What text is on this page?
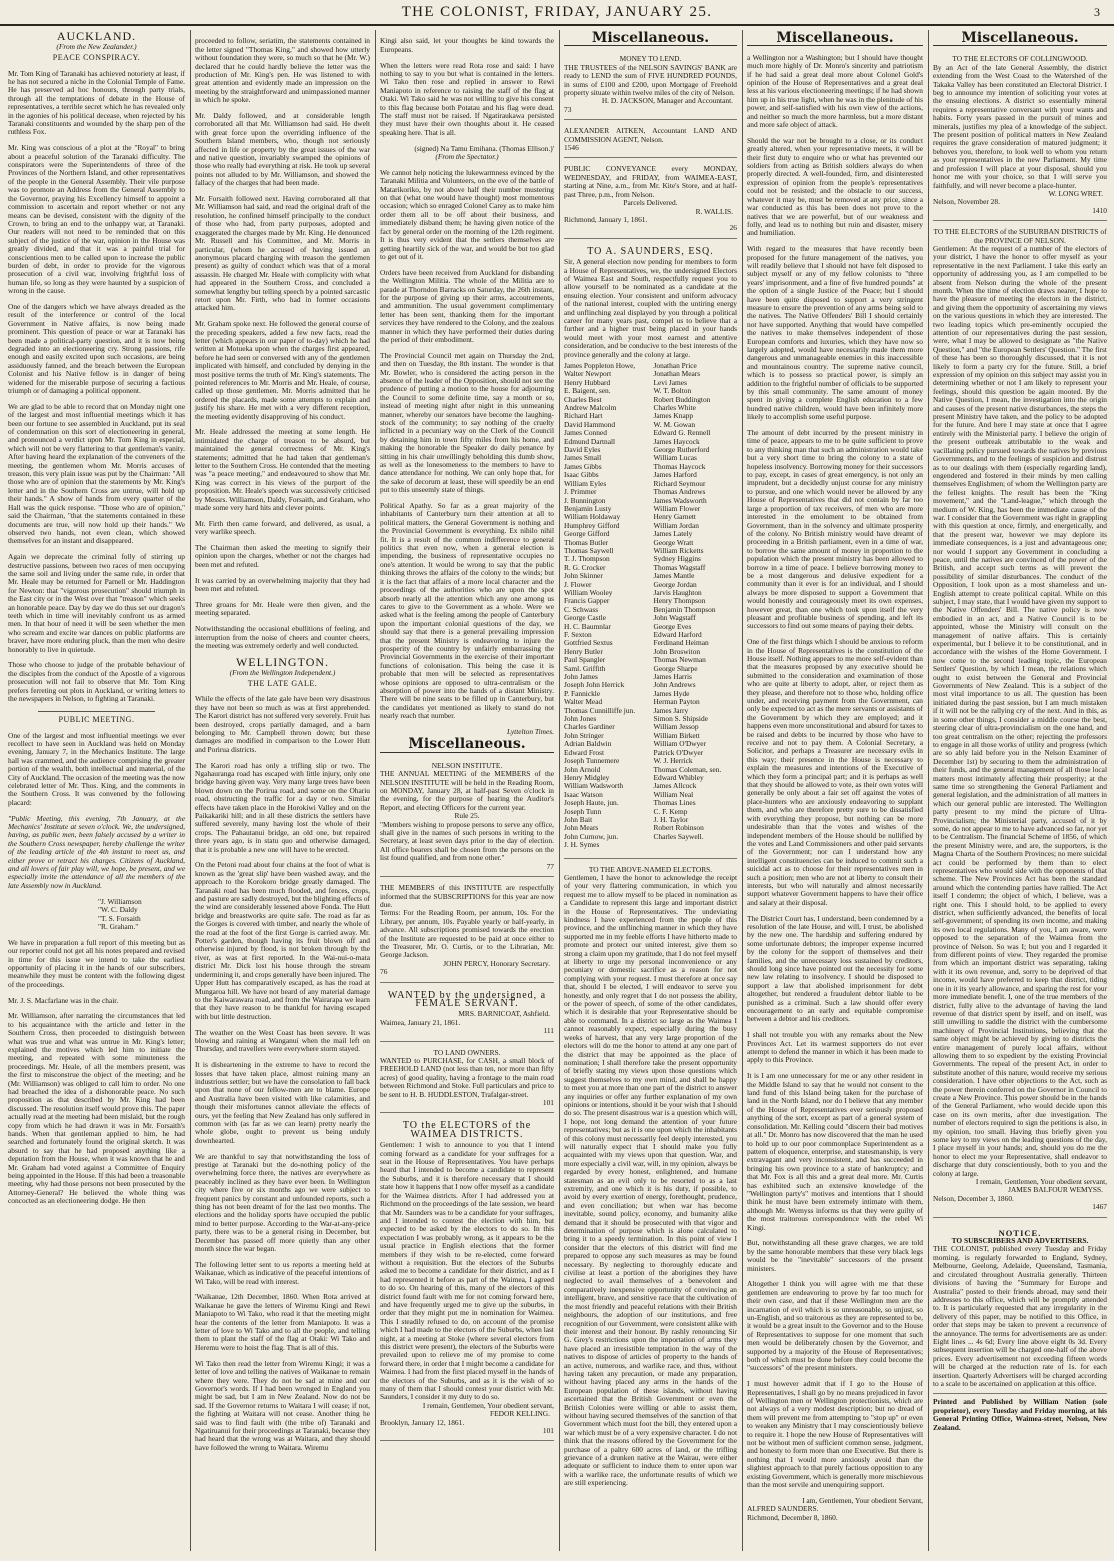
THE COLONIST, FRIDAY, JANUARY 25.	3
AUCKLAND.
(From the New Zealander.)
PEACE CONSPIRACY.

Mr. Tom King of Taranaki has achieved notoriety at least, if he has not secured a niche in the Colonial Temple of Fame. He has preserved ad hoc honours, through party trials, through all the temptations of debate in the House of representatives, a terrible secret which he has revealed only in the agonies of his political decease, when rejected by his Taranaki constituents and wounded by the sharp pen of the ruthless Fox.

Mr. King was conscious of a plot at the "Royal" to bring about a peaceful solution of the Taranaki difficulty. The conspirators were the Superintendents of three of the Provinces of the Northern Island, and other representatives of the people in the General Assembly. Their vile purpose was to promote an Address from the General Assembly to the Governor, praying his Excellency himself to appoint a commission to ascertain and report whether or not any means can be devised, consistent with the dignity of the Crown, to bring an end to the unhappy war, at Taranaki. Our readers will not need to be reminded that on this subject of the justice of the war, opinion in the House was greatly divided, and that it was a painful trial for conscientious men to be called upon to increase the public burden of debt, in order to provide for the vigorous prosecution of a civil war, involving frightful loss of human life, so long as they were haunted by a suspicion of wrong in the cause.

One of the dangers which we have always dreaded as the result of the interference or control of the local Government in Native affairs, is now being made prominent. This question of peace or war at Taranaki has been made a political-party question, and it is now being degraded into an electioneering cry. Strong passions, rife enough and easily excited upon such occasions, are being assiduously fanned, and the breach between the European Colonist and his Native fellow is in danger of being widened for the miserable purpose of securing a factious triumph or of damaging a political opponent.

We are glad to be able to record that on Monday night one of the largest and most influential meetings which it has been our fortune to see assembled in Auckland, put its seal of condemnation on this sort of electioneering in general, and pronounced a verdict upon Mr. Tom King in especial, which will not be very flattering to that gentleman's vanity. After having heard the explanation of the conveners of the meeting, the gentlemen whom Mr. Morris accuses of treason, this very plain issue was put by the Chairman: "All those who are of opinion that the statements by Mr. King's letter and in the Southern Cross are untrue, will hold up their hands." A show of hands from every quarter of the Hall was the quick response. "Those who are of opinion," said the Chairman, "that the statements contained in these documents are true, will now hold up their hands." We observed two hands, not even clean, which showed themselves for an instant and disappeared.

Again we deprecate the criminal folly of stirring up destructive passions, between two races of men occupying the same soil and living under the same rule, in order that Mr. Heale may be returned for Parnell or Mr. Haddington for Newton: that "vigorous prosecution" should triumph in the East city or in the West over that "treason" which seeks an honorable peace. Day by day we do thus set our dragon's teeth which in time will inevitably confront us as armed men. In that hour of need it will be seen whether the men who scream and excite war dances on public platforms are braver, have more enduring pluck, than the men who desire honorably to live in quietude.

Those who choose to judge of the probable behaviour of the disciples from the conduct of the Apostle of a vigorous prosecution will not fail to observe that Mr. Tom King prefers ferreting out plots in Auckland, or writing letters to the newspapers in Nelson, to fighting at Taranaki.

PUBLIC MEETING.

One of the largest and most influential meetings we ever recollect to have seen in Auckland was held on Monday evening, January 7, in the Mechanics Institute. The large hall was crammed, and the audience comprising the greater portion of the wealth, both intellectual and material, of the City of Auckland. The occasion of the meeting was the now celebrated letter of Mr. Thos. King, and the comments in the Southern Cross. It was convened by the following placard:

"Public Meeting, this evening, 7th January, at the Mechanics' Institute at seven o'clock. We, the undersigned, having, as public men, been falsely accused by a writer in the Southern Cross newspaper, hereby challenge the writer of the leading article of the 4th instant to meet us, and either prove or retract his charges. Citizens of Auckland, and all lovers of fair play will, we hope, be present, and we especially invite the attendance of all the members of the late Assembly now in Auckland.

"J. Williamson
"W. C. Daldy
"T. S. Forsaith
"R. Graham."

We have in preparation a full report of this meeting but as our reporter could not get all his notes prepared and revised in time for this issue we intend to take the earliest opportunity of placing it in the hands of our subscribers, meanwhile they must be content with the following digest of the proceedings.

Mr. J. S. Macfarlane was in the chair.

Mr. Williamson, after narrating the circumstances that led to his acquaintance with the article and letter in the Southern Cross, then proceeded to distinguish between what was true and what was untrue in Mr. King's letter; explained the motives which led him to initiate the meeting, and repeated with some minuteness the proceedings. Mr. Heale, of all the members present, was the first to misconstrue the object of the meeting; and he (Mr. Williamson) was obliged to call him to order. No one had breached the idea of a dishonorable peace. No such proposition as that described by Mr. King had been discussed. The resolution itself would prove this. The paper actually read at the meeting had been mislaid, but the rough copy from which he had drawn it was in Mr. Forsaith's hands. When that gentleman applied to him, he had searched and fortunately found the original sketch. It was absurd to say that he had proposed anything like a deputation from the House, when it was known that he and Mr. Graham had voted against a Committee of Enquiry being appointed in the House. If this had been a treasonable meeting, why had those persons not been prosecuted by the Attorney-General? He believed the whole thing was concocted as an electioneering dodge. He then

proceeded to follow, seriatim, the statements contained in the letter signed "Thomas King," and showed how utterly without foundation they were, so much so that he (Mr. W.) declared that he could hardly believe the letter was the production of Mr. King's pen. He was listened to with great attention and evidently made an impression on the meeting by the straightforward and unimpassioned manner in which he spoke.

Mr. Daldy followed, and at considerable length corroborated all that Mr. Williamson had said. He dwelt with great force upon the overriding influence of the Southern Island members, who, though not seriously affected in life or property by the great issues of the war and native question, invariably swamped the opinions of those who really had everything at risk. He took up several points not alluded to by Mr. Williamson, and showed the fallacy of the charges that had been made.

Mr. Forsaith followed next. Having corroborated all that Mr. Williamson had said, and read the original draft of the resolution, he confined himself principally to the conduct of those who had, from party purposes, adopted and exaggerated the charges made by Mr. King. He denounced Mr. Russell and his Committee, and Mr. Morris in particular, (whom he accused of having issued an anonymous placard charging with treason the gentlemen present) as guilty of conduct which was that of a moral assassin. He charged Mr. Heale with complicity with what had appeared in the Southern Cross, and concluded a somewhat lengthy but telling speech by a pointed sarcastic retort upon Mr. Firth, who had in former occasions attacked him.

Mr. Graham spoke next. He followed the general course of the preceding speakers, added a few new facts, read the letter (which appears in our paper of to-day) which he had written at Motueka upon when the charges first appeared, before he had seen or conversed with any of the gentlemen implicated with himself, and concluded by denying in the most positive terms the truth of Mr. King's statements. The pointed references to Mr. Morris and Mr. Heale, of course, called up those gentlemen. Mr. Morris admitted that he ordered the placards, made some attempts to explain and justify his share. He met with a very different reception, the meeting evidently disapproving of his conduct.

Mr. Heale addressed the meeting at some length. He intimidated the charge of treason to be absurd, but maintained the general correctness of Mr. King's statements; admitted that he had taken that gentleman's letter to the Southern Cross. He contended that the meeting was "a peace meeting," and endeavoured to show that Mr. King was correct in his views of the purport of the proposition. Mr. Heale's speech was successively criticised by Messrs. Williamson, Daldy, Forsaith, and Graham, who made some very hard hits and clever points.

Mr. Firth then came forward, and delivered, as usual, a very warlike speech.

The Chairman then asked the meeting to signify their opinion upon the charges, whether or not the charges had been met and refuted.

It was carried by an overwhelming majority that they had been met and refuted.

Three groans for Mr. Heale were then given, and the meeting separated.

Notwithstanding the occasional ebullitions of feeling, and interruption from the noise of cheers and counter cheers, the meeting was extremely orderly and well conducted.

WELLINGTON.
(From the Wellington Independent.)
THE LATE GALE.

While the effects of the late gale have been very disastrous they have not been so much as was at first apprehended. The Karori district has not suffered very severely. Fruit has been destroyed, crops partially damaged, and a barn belonging to Mr. Campbell thrown down; but these damages are modified in comparison to the Lower Hutt and Porirua districts.

The Karori road has only a trifling slip or two. The Ngahauranga road has escaped with little injury, only one bridge having given way. Very many large trees have been blown down on the Porirua road, and some on the Ohariu road, obstructing the traffic for a day or two. Similar effects have taken place in the Horokiwi Valley and on the Paikakariki hill; and in all these districts the settlers have suffered severely, many having lost the whole of their crops. The Pahautanui bridge, an old one, but repaired three years ago, is in statu quo and otherwise damaged, that it is probable a new one will have to be erected.

On the Petoni road about four chains at the foot of what is known as the 'great slip' have been washed away, and the approach to the Korokoro bridge greatly damaged. The Taranaki road has been much flooded, and fences, crops, and pasture are sadly destroyed, but the blighting effects of the wind are considerably lessened above Fonda. The Hutt bridge and breastworks are quite safe. The road as far as the Gorges is covered with timber, and nearly the whole of the road at the foot of the first Gorge is carried away. Mr. Potter's garden, though having its fruit blown off and otherwise injured by flood, is not broken through by the river, as was at first reported. In the Wai-nui-o-mata district Mr. Dick lost his house through the stream undermining it, and crops generally have been injured. The Upper Hutt has comparatively escaped, as has the road at Mungaroa hill. We have not heard of any material damage to the Kaiwarawara road, and from the Wairarapa we learn that they have reason to be thankful for having escaped with but little destruction.

The weather on the West Coast has been severe. It was blowing and raining at Wanganui when the mail left on Thursday, and travellers were everywhere storm stayed.

It is disheartening in the extreme to have to record the losses that have taken place, almost ruining many an industrious settler; but we have the consolation to fall back upon that none of our fellow-men are to blame. Europe and Australia have been visited with like calamities, and though their misfortunes cannot alleviate the effects of ours, yet the feeling that New Zealand has only suffered in common with (as far as we can learn) pretty nearly the whole globe, ought to prevent us being unduly downhearted.

We are thankful to say that notwithstanding the loss of prestige at Taranaki but the do-nothing policy of the overwhelming force there, the natives are everywhere as peaceably inclined as they have ever been. In Wellington city where five or six months ago we were subject to frequent panics by constant and unfounded reports, such a thing has not been dreamt of for the last two months. The elections and the holiday sports have occupied the public mind to better purpose. According to the War-at-any-price party, there was to be a general rising in December, but December has passed off more quietly than any other month since the war began.

The following letter sent to us reports a meeting held at Waikanae, which as indicative of the peaceful intentions of Wi Tako, will be read with interest.

'Waikanae, 12th December, 1860. When Rota arrived at Waikanae he gave the letters of Wiremu Kingi and Rewi Maniapoto to Wi Tako, who read it that the meeting might hear the contents of the letter from Maniapoto. It was a letter of love to Wi Tako and to all the people, and telling them to plant the staff of the flag at Otaki: Wi Tako and Heremu were to hoist the flag. That is all of this.

Wi Tako then read the letter from Wiremu Kingi; it was a letter of love and telling the natives of Waikanae to remain where they were. They do not be sad at mine and our Governor's words. If I had been wronged in England you might be sad, but I am in New Zealand. Now do not be sad. If the Governor returns to Waitara I will cease; if not, the fighting at Waitara will not cease. Another thing he said was to find fault with (the tribe of) Taranaki and Ngatiruanui for their proceedings at Taranaki, because they had heard that the wrong was at Waitara, and they should have followed the wrong to Waitara. Wiremu

Kingi also said, let your thoughts be kind towards the Europeans.

When the letters were read Rota rose and said: I have nothing to say to you but what is contained in the letters. Wi Tako then rose and replied in answer to Rewi Maniapoto in reference to raising the staff of the flag at Otaki. Wi Tako said he was not willing to give his consent to this flag because both Potatau and his flag were dead. The staff must not be raised. If Ngatiraukawa persisted they must have their own thoughts about it. He ceased speaking here. That is all.

(signed) Na Tamu Emihana. (Thomas Ellison.)'
(From the Spectator.)

We cannot help noticing the lukewarmness evinced by the Taranaki Militia and Volunteers, on the eve of the battle of Matarikoriko, by not above half their number mustering on that (what one would have thought) most momentous occasion; which so enraged Colonel Carey as to make him order them all to be off about their business, and immediately disband them; he having given notice of the fact by general order on the morning of the 12th regiment. It is thus very evident that the settlers themselves are getting heartily sick of the war, and would be but too glad to get out of it.

Orders have been received from Auckland for disbanding the Wellington Militia. The whole of the Militia are to parade at Thorndon Barracks on Saturday, the 26th instant, for the purpose of giving up their arms, accoutrements, and ammunition. The usual government complimentary letter has been sent, thanking them for the important services they have rendered to the Colony, and the zealous manner in which they have performed their duties during the period of their embodiment.

The Provincial Council met again on Thursday the 2nd, and then on Tuesday, the 8th instant. The wonder is that Mr. Bowler, who is considered the acting person in the absence of the leader of the Opposition, should not see the prudence of putting a motion to the house for adjourning the Council to some definite time, say a month or so, instead of meeting night after night in this unmeaning manner, whereby our senators have become the laughing-stock of the community; to say nothing of the cruelty inflicted in a pecuniary way on the Clerk of the Council by detaining him in town fifty miles from his home, and making the honorable the Speaker do daily penance by sitting in his chair unwillingly beholding this dumb show, as well as the lonesomeness to the members to have to dance attendance for nothing. We can only hope that, for the sake of decorum at least, these will speedily be an end put to this unseemly state of things.

Political Apathy. So far as a great majority of the inhabitants of Canterbury turn their attention at all to political matters, the General Government is nothing and the Provincial Government is everything. Ex nihilo nihil fit. It is a result of the common indifference to general politics that even now, when a general election is impending, the business of representative occupies no one's attention. It would be wrong to say that the public thinking throws the affairs of the colony to the winds; but it is the fact that affairs of a more local character and the proceedings of the authorities who are upon the spot absorb nearly all the attention which any one among us cares to give to the Government as a whole. Were we asked what is the feeling among the people of Canterbury upon the important colonial questions of the day, we should say that there is a general prevailing impression that the present Ministry is endeavoring to injure the prosperity of the country by unfairly embarrassing the Provincial Governments in the exercise of their important functions of colonisation. This being the case it is probable that men will be selected as representatives whose opinions are opposed to ultra-centralism or the absorption of power into the hands of a distant Ministry. There will be nine seats to be filled up in Canterbury, but the candidates yet mentioned as likely to stand do not nearly reach that number.

Lyttelton Times.
Miscellaneous.
NELSON INSTITUTE.
THE ANNUAL MEETING of the MEMBERS of the NELSON INSTITUTE will be held in the Reading Room, on MONDAY, January 28, at half-past Seven o'clock in the evening, for the purpose of hearing the Auditor's Report, and electing Officers for the current year.
Rule 25.
"Members wishing to propose persons to serve any office, shall give in the names of such persons in writing to the Secretary, at least seven days prior to the day of election. All office bearers shall be chosen from the persons on the list found qualified, and from none other."
77
THE MEMBERS of this INSTITUTE are respectfully informed that the SUBSCRIPTIONS for this year are now due.
Terms: For the Reading Room, per annum, 10s. For the Library, per annum, 10s. Payable yearly or half-yearly, in advance. All subscriptions promised towards the erection of the Institute are requested to be paid at once either to the Treasurer, Mr. O. Curtis, or to the Librarian, Mr. George Jackson.
JOHN PERCY, Honorary Secretary.
76
WANTED by the undersigned, a FEMALE SERVANT.
MRS. BARNICOAT, Ashfield.
Waimea, January 21, 1861.
111
TO LAND OWNERS.
WANTED to PURCHASE, for CASH, a small block of FREEHOLD LAND (not less than ten, nor more than fifty acres) of good quality, having a frontage to the main road between Richmond and Stoke. Full particulars and price to be sent to H. B. HUDDLESTON, Trafalgar-street.
101
TO the ELECTORS of the WAIMEA DISTRICTS.
Gentlemen: I wish to announce to you that I intend coming forward as a candidate for your suffrages for a seat in the House of Representatives. You have perhaps heard that I intended to become a candidate to represent the Suburbs, and it is therefore necessary that I should state how it happens that I now offer myself as a candidate for the Waimea districts. After I had addressed you at Richmond on the proceedings of the late session, we heard that Mr. Saunders was to be a candidate for your suffrages, and I intended to contest the election with him, but expected to be asked by the electors to do so. In this expectation I was probably wrong, as it appears to be the usual practice in English elections that the former members if they wish to be re-elected, come forward without a requisition. But the electors of the Suburbs asked me to become a candidate for their district, and as I had represented it before as part of the Waimea, I agreed to do so. On hearing of this, many of the electors of this district found fault with me for not coming forward here, and have frequently urged me to give up the suburbs, in order that they might put me in nomination for Waimea. This I steadily refused to do, on account of the promise which I had made to the electors of the Suburbs, when last night, at a meeting at Stoke (where several electors from this district were present), the electors of the Suburbs were prevailed upon to relieve me of my promise to come forward there, in order that I might become a candidate for Waimea. I had from the first placed myself in the hands of the electors of the Suburbs, and as it is the wish of so many of them that I should contest your district with Mr. Saunders, I consider it my duty to do so.
I remain, Gentlemen, Your obedient servant,
FEDOR KELLING.
Brooklyn, January 12, 1861.
101
Miscellaneous.
MONEY TO LEND.
THE TRUSTEES of the NELSON SAVINGS' BANK are ready to LEND the sum of FIVE HUNDRED POUNDS, in sums of £100 and £200, upon Mortgage of Freehold property situate within twelve miles of the city of Nelson.
H. D. JACKSON, Manager and Accountant.
73
ALEXANDER AITKEN, Accountant LAND AND COMMISSION AGENT, Nelson.
1546
PUBLIC CONVEYANCE every MONDAY, WEDNESDAY, and FRIDAY, from WAIMEA-EAST, starting at Nine, a.m., from Mr. Kite's Store, and at half-past Three, p.m., from Nelson.
Parcels Delivered.
R. WALLIS.
Richmond, January 1, 1861.
26
TO A. SAUNDERS, ESQ.
Sir, A general election now pending for members to form a House of Representatives, we, the undersigned Electors of Waimea East and South, respectfully request you to allow yourself to be nominated as a candidate at the ensuing election. Your consistent and uniform advocacy of the national interest, coupled with the untiring energy and unflinching zeal displayed by you through a political career for many years past, compel us to believe that a further and a higher trust being placed in your hands would meet with your most earnest and attentive consideration, and be conducive to the best interests of the province generally and the colony at large.
James Poppleton Howe,
Walter Newport
Henry Hubbard
E. Baigent, sen.
Charles Best
Andrew Malcolm
Richard Hart
David Hammond
James Conned
Edmund Dartnall
David Eyles
James Small
James Gibbs
Isaac Gibbs
William Eyles
J. Primmer
J. Bunnington
Benjamin Lusty
William Holdaway
Humphrey Gifford
George Gifford
Thomas Butler
Thomas Saywell
T. J. Thompson
R. G. Crocker
John Skinner
J. Flower
William Wooley
Francis Gapper
C. Schwass
George Castle
H. C. Baumnlar
F. Sexton
Gottfried Sextus
Henry Butler
Paul Spangler
Saml. Griffith
John James
Joseph John Herrick
P. Fannickle
Walter Mead
Thomas Cunnilliffe jun.
John Jones
Charles Gardiner
John Stringer
Adrian Baldwin
Edward Frost
Joseph Tunnemere
John Arnold
Henry Midgley
William Wadsworth
Isaac Watson
Joseph Haute, jun.
Joseph Tunn
John Bait
John Mears
John Curnow, jun.
J. H. Symes
Jonathan Price
Jonathan Mears
Levi James
W. T. Bolton
Robert Buddington
Charles White
James Knapp
W. M. Gowan
Edward G. Rennell
James Haycock
George Rutherford
William Lucas
Thomas Haycock
James Harford
Richard Seymour
Thomas Andrews
James Wadsworth
William Flower
Henry Garnett
William Jordan
James Lately
George Wratt
William Ricketts
Sydney Higgins
Thomas Wagstaff
James Mantle
George Jordan
Jarvis Haughton
Henry Thompson
Benjamin Thompson
John Wagstaff
George Eves
Edward Harford
Ferdinand Heiman
John Broswiton
Thomas Newman
George Sharpe
James Harris
John Andrews
James Hyde
Herman Payton
James Jarry
Simon S. Shipside
William Jessop
William Birkett
William O'Dwyer
Patrick O'Dwyer
W. J. Herrick
Thomas Coleman, sen.
Edward Whibley
James Allcock
William Neal
Thomas Lines
C. F. Kemp
J. H. Taylor
Robert Robinson
Charles Saywell.
TO THE ABOVE-NAMED ELECTORS.
Gentlemen, I have the honor to acknowledge the receipt of your very flattering communication, in which you request me to allow myself to be placed in nomination as a Candidate to represent this large and important district in the House of Representatives. The undeviating kindness I have experienced from the people of this province, and the unflinching manner in which they have supported me in my feeble efforts I have hitherto made to promote and protect our united interest, give them so strong a claim upon my gratitude, that I do not feel myself at liberty to urge my personal inconvenience or any pecuniary or domestic sacrifice as a reason for not complying with your request. I must therefore at once say that, should I be elected, I will endeavor to serve you honestly, and only regret that I do not possess the ability, or the power of speech, of some of the other candidates, which it is desirable that your Representative should be able to command. In a district so large as the Waimea I cannot reasonably expect, especially during the busy weeks of harvest, that any very large proportion of the electors will do me the honor to attend at any one part of the district that may be appointed as the place of nomination; I shall therefore take the present opportunity of briefly stating my views upon those questions which suggest themselves to my own mind, and shall be happy to meet you at more than one part of the district to answer any inquiries or offer any further explanation of my own opinions or intentions, should it be your wish that I should do so. The present disastrous war is a question which will, I hope, not long demand the attention of your future representatives; but as it is one upon which the inhabitants of this colony must necessarily feel deeply interested, you will naturally expect that I should make you fully acquainted with my views upon that question. War, and more especially a civil war, will, in my opinion, always be regarded by every honest, enlightened, and humane statesman as an evil only to be resorted to as a last extremity, and one which it is his duty, if possible, to avoid by every exertion of energy, forethought, prudence, and even conciliation; but when war has become inevitable, sound policy, economy, and humanity alike demand that it should be prosecuted with that vigor and determination of purpose which is alone calculated to bring it to a speedy termination. In this point of view I consider that the electors of this district will find me prepared to oppose any such measures as may be found necessary. By neglecting to thoroughly educate and civilise at least a portion of the aborigines they have neglected to avail themselves of a benevolent and comparatively inexpensive opportunity of convincing an intelligent, brave, and sensitive race that the cultivation of the most friendly and peaceful relations with their British neighbours, the adoption of our institutions, and free recognition of our Government, were consistent alike with their interest and their honour. By rashly renouncing Sir G. Grey's restrictions upon the importation of arms they have placed an irresistible temptation in the way of the natives to dispose of articles of property to the hands of an active, numerous, and warlike race, and thus, without having taken any precaution, or made any preparation, without having placed any arms in the hands of the European population of these islands, without having ascertained that the British Government or even the British Colonies were willing or able to assist them, without having secured themselves of the sanction of that Government which must foot the bill, they entered upon a war which must be of a very expensive character. I do not think that the reasons offered by the Government for the purchase of a paltry 600 acres of land, or the trifling grievance of a drunken native at the Wairau, were either adequate or sufficient to induce them to enter upon war with a warlike race, the unfortunate results of which we are still experiencing.
Miscellaneous.

a Wellington nor a Washington; but I should have thought much more highly of Dr. Monro's sincerity and patriotism if he had said a great deal more about Colonel Gold's opinion of the House of Representatives and a great deal less at his various electioneering meetings; if he had shown him up in his true light, when he was in the plenitude of his power, and self-satisfied with his own view of the actions, and neither so much the more harmless, but a more distant and more safe object of attack.

Should the war not be brought to a close, or its conduct greatly altered, when your representative meets, it will be their first duty to enquire who or what has prevented our soldiers from acting as British soldiers always do when properly directed. A well-founded, firm, and disinterested expression of opinion from the people's representatives could not be resisted; and the obstacle to our success, whatever it may be, must be removed at any price, since a war conducted as this has been does not prove to the natives that we are powerful, but of our weakness and folly, and lead us to nothing but ruin and disaster, misery and humiliation.

With regard to the measures that have recently been proposed for the future management of the natives, you will readily believe that I should not have felt disposed to subject myself or any of my fellow colonists to "three years' imprisonment, and a fine of five hundred pounds" at the option of a single Justice of the Peace; but I should have been quite disposed to support a very stringent measure to ensure the prevention of any arms being sold to the natives. The Native Offenders' Bill I should certainly not have supported. Anything that would have compelled the natives to make themselves independent of those European comforts and luxuries, which they have now so largely adopted, would have necessarily made them more dangerous and unmanageable enemies in this inaccessible and mountainous country. The supreme native council, which is to possess so practical power, is simply an addition to the frightful number of officials to be supported by this small community. The same amount of money spent in giving a complete English education to a few hundred native children, would have been infinitely more likely to accomplish some useful purpose.

The amount of debt incurred by the present ministry in time of peace, appears to me to be quite sufficient to prove to any thinking man that such an administration would take but a very short time to bring the colony to a state of hopeless insolvency. Borrowing money for their successors to pay, except, in cases of great emergency, is not only an imprudent, but a decidedly unjust course for any ministry to pursue, and one which would never be allowed by any House of Representatives that did not contain by far too large a proportion of tax receivers, of men who are more interested in the emolument to be obtained from Government, than in the solvency and ultimate prosperity of the colony. No British ministry would have dreamt of proceeding in a British parliament, even in a time of war, to borrow the same amount of money in proportion to the population which the present ministry has been allowed to borrow in a time of peace. I believe borrowing money to be a most dangerous and delusive expedient for a community than it ever is for an individual, and I should always be more disposed to support a Government that would honestly and courageously meet its own expenses, however great, than one which took upon itself the very pleasant and profitable business of spending, and left its successors to find out some means of paying their debts.

One of the first things which I should be anxious to reform in the House of Representatives is the constitution of the House itself. Nothing appears to me more self-evident than that the measures proposed by any executive should be submitted to the consideration and examination of those who are quite at liberty to adopt, alter, or reject them as they please, and therefore not to those who, holding office under, and receiving payment from the Government, can only be expected to act as the mere servants or assistants of the Government by which they are employed; and it happens even more unconstitutional and absurd for taxes to be raised and debts to be incurred by those who have to receive and not to pay them. A Colonial Secretary, a Solicitor, and perhaps a Treasurer are necessary evils in this way; their presence in the House is necessary to explain the measures and intentions of the Executive of which they form a principal part; and it is perhaps as well that they should be allowed to vote, as their own votes will generally be only about a fair set off against the votes of place-hunters who are anxiously endeavoring to supplant them, and who are therefore pretty sure to be dissatisfied with everything they propose, but nothing can be more undesirable than that the votes and wishes of the independent members of the House should be nullified by the votes and Land Commissioners and other paid servants of the Government; nor can I understand how any intelligent constituencies can be induced to commit such a suicidal act as to choose for their representatives men in such a position; men who are not at liberty to consult their interests, but who will naturally and almost necessarily support whatever Government happens to have their office and salary at their disposal.

The District Court has, I understand, been condemned by a resolution of the late House, and will, I trust, be abolished by the new one. The hardship and suffering endured by some unfortunate debtors; the improper expense incurred by the colony for the support of themselves and their families, and the unnecessary loss sustained by creditors, should long since have pointed out the necessity for some new law relating to insolvency. I should be disposed to support a law that abolished imprisonment for debt altogether, but rendered a fraudulent debtor liable to be punished as a criminal. Such a law should offer every encouragement to an early and equitable compromise between a debtor and his creditors.

I shall not trouble you with any remarks about the New Provinces Act. Let its warmest supporters do not ever attempt to defend the manner in which it has been made to apply to this Province.

It is I am one unnecessary for me or any other resident in the Middle Island to say that he would not consent to the land fund of this Island being taken for the purchase of land in the North Island, nor do I believe that any member of the House of Representatives ever seriously proposed anything of the sort, except as part of a general system of consolidation. Mr. Kelling could "discern their bad motives at all." Dr. Monro has now discovered that the man he used to hold up to our poor commonplace Superintendent as a pattern of eloquence, enterprise, and statesmanship, is very extravagant and very inconsistent, and has succeeded in bringing his own province to a state of bankruptcy; and that Mr. Fox is all this and a great deal more. Mr. Curtis has exhibited such an extensive knowledge of the "Wellington party's" motives and intentions that I should think he must have been extremely intimate with them, although Mr. Wemyss informs us that they were guilty of the most traitorous correspondence with the rebel Wi Kingi.

But, notwithstanding all these grave charges, we are told by the same honorable members that these very black legs would be the "inevitable" successors of the present ministers.

Altogether I think you will agree with me that these gentlemen are endeavoring to prove by far too much for their own case, and that if these Wellington men are the incarnation of evil which is so unreasonable, so unjust, so un-English, and so traitorous as they are represented to be, it would be a great insult to the Governor and to the House of Representatives to suppose for one moment that such men would be deliberately chosen by the Governor, and supported by a majority of the House of Representatives; both of which must be done before they could become the "successors" of the present ministers.

I must however admit that if I go to the House of Representatives, I shall go by no means prejudiced in favor of Wellington men or Wellington protectionists, which are not always of a very modest description; but no dread of them will prevent me from attempting to "stop up" or even to weaken any Ministry that I may conscientiously believe to require it. I hope the new House of Representatives will not be without men of sufficient common sense, judgment, and honesty to form more than one Executive. But there is nothing that I would more anxiously avoid than the slightest approach to that purely factious opposition to any existing Government, which is generally more mischievous than the most servile and unenquiring support.

I am, Gentlemen, Your obedient Servant,
ALFRED SAUNDERS.
Richmond, December 8, 1860.
Miscellaneous.
TO THE ELECTORS OF COLLINGWOOD.
By an Act of the late General Assembly, the district extending from the West Coast to the Watershed of the Takaka Valley has been constituted an Electoral District. I beg to announce my intention of soliciting your votes at the ensuing elections. A district so essentially mineral requires a representative conversant with your wants and habits. Forty years passed in the pursuit of mines and minerals, justifies my plea of a knowledge of the subject. The present position of political matters in New Zealand requires the grave consideration of matured judgment; it behoves you, therefore, to look well to whom you return as your representatives in the new Parliament. My time and profession I will place at your disposal, should you honor me with your choice, so that I will serve you faithfully, and will never become a place-hunter.
W. LONG WRET.
Nelson, November 28.
1410
TO THE ELECTORS of the SUBURBAN DISTRICTS of the PROVINCE OF NELSON.
Gentlemen: At the request of a number of the electors of your district, I have the honor to offer myself as your representative in the next Parliament. I take this early an opportunity of addressing you, as I am compelled to be absent from Nelson during the whole of the present month. When the time of election draws nearer, I hope to have the pleasure of meeting the electors in the district, and giving them the opportunity of ascertaining my views on the various questions in which they are interested. The two leading topics which pre-eminently occupied the attention of our representatives during the past session, were, what I may be allowed to designate as "the Native Question," and "the European Settlers' Question." The first of these has been so thoroughly discussed, that it is not likely to form a party cry for the future. Still, a brief expression of my opinion on this subject may assist you in determining whether or not I am likely to represent your feelings, should this question be again mooted. By the Native Question, I mean, the investigation into the origin and causes of the present native disturbances, the steps the present Ministry have taken, and the policy to be adopted for the future. And here I may state at once that I agree entirely with the Ministerial party. I believe the origin of the present outbreak attributable to the weak and vacillating policy pursued towards the natives by previous Governments, and to the feelings of suspicion and distrust as to our dealings with them (especially regarding land), engendered and fostered in their minds by men calling themselves Englishmen; of whom the Wellington party are the fellest knights. The result has been the "King movement," and the "Land-league," which through the medium of W. King, has been the immediate cause of the war. I consider that the Government was right in grappling with this question at once, firmly, and energetically, and that the present war, however we may deplore its immediate consequences, is a just and advantageous one; nor would I support any Government in concluding a peace, until the natives are convinced of the power of the British, and accept such terms as will prevent the possibility of similar disturbances. The conduct of the Opposition, I look upon as a most shameless and un-English attempt to create political capital. While on this subject, I may state, that I would have given my support to the Native Offenders' Bill. The native policy is now embodied in an act, and a Native Council is to be appointed, whose the Ministry will consult on the management of native affairs. This is certainly experimental, but I believe it to be constitutional, and in accordance with the wishes of the Home Government. I now come to the second leading topic, the European Settlers' Question, by which I mean, the relations which ought to exist between the General and Provincial Governments of New Zealand. This is a subject of the most vital importance to us all. The question has been initiated during the past session, but I am much mistaken if it will not be the rallying cry of the next. And in this, as in some other things, I consider a middle course the best, steering clear of ultra-provincialism on the one hand, and too great centralism on the other; rejecting the professors to engage in all those works of utility and progress (which are so ably laid before you in the Nelson Examiner of December 1st) by securing to them the administration of their funds, and the general management of all those local matters most intimately affecting their prosperity; at the same time so strengthening the General Parliament and general legislation, and the administration of all matters in which our general public are interested. The Wellington party present to my mind the picture of Ultra-Provincialism; the Ministerial party, accused of it by some, do not appear to me to have advanced so far, nor yet to be Centralism. The financial Scheme of 1856, of which the present Ministry were, and are, the supporters, is the Magna Charta of the Southern Provinces; no mere suicidal act could be performed by them than to elect representatives who would side with the opponents of that scheme. The New Provinces Act has been the standard around which the contending parties have rallied. The Act itself I condemn; the object of which, I believe, was a right one. This I should hold, to be applied to every district, when sufficiently advanced, the benefits of local self-government; of spending its own income, and making its own local regulations. Many of you, I am aware, were opposed to the separation of the Waimea from the province of Nelson. So was I; but you and I regarded it from different points of view. They regarded the promise from which an important district was separating, taking with it its own revenue, and, sorry to be deprived of that income, would have preferred to keep that district, tiding one in it its yearly allowance, and sparing the rest for your more immediate benefit. I, one of the true members of the district, fully alive to the advantage of having the land revenue of that district spent by itself, and on itself, was still unwilling to saddle the district with the cumbersome machinery of Provincial Institutions, believing that the same object might be achieved by giving to districts the entire management of purely local affairs, without allowing them to so expedient by the existing Provincial Governments. The repeal of the present Act, in order to substitute another of this nature, would receive my serious consideration. I have other objections to the Act, such as the power therein conferred on the Governor in Council to create a New Province. This power should be in the hands of the General Parliament, who would decide upon this case on its own merits, after due investigation. The number of electors required to sign the petitions is also, in my opinion, too small. Having thus briefly given you some key to my views on the leading questions of the day, I place myself in your hands; and, should you do me the honor to elect me your Representative, shall endeavor to discharge that duty conscientiously, both to you and the colony at large.
I remain, Gentlemen, Your obedient servant,
JAMES BALFOUR WEMYSS.
Nelson, December 3, 1860.
1467
NOTICE.
TO SUBSCRIBERS AND ADVERTISERS.
THE COLONIST, published every Tuesday and Friday morning, is regularly forwarded to England, Sydney, Melbourne, Geelong, Adelaide, Queensland, Tasmania, and circulated throughout Australia generally. Thirteen divisions of having the "Summary for Europe and Australia" posted to their friends abroad, may send their addresses to this office, which will be promptly attended to. It is particularly requested that any irregularity in the delivery of this paper, may be notified to this Office, in order that steps may be taken to prevent a recurrence of the annoyance. The terms for advertisements are as under: Eight lines ... 4s 6d; Every line above eight 0s 3d. Every subsequent insertion will be charged one-half of the above prices. Every advertisement not exceeding fifteen words will be charged at the reduction rate of 1s. for each insertion. Quarterly Advertisers will be charged according to a scale to be ascertained on application at this office.
Printed and Published by William Nation (sole proprietor), every Tuesday and Friday morning, at his General Printing Office, Waimea-street, Nelson, New Zealand.
